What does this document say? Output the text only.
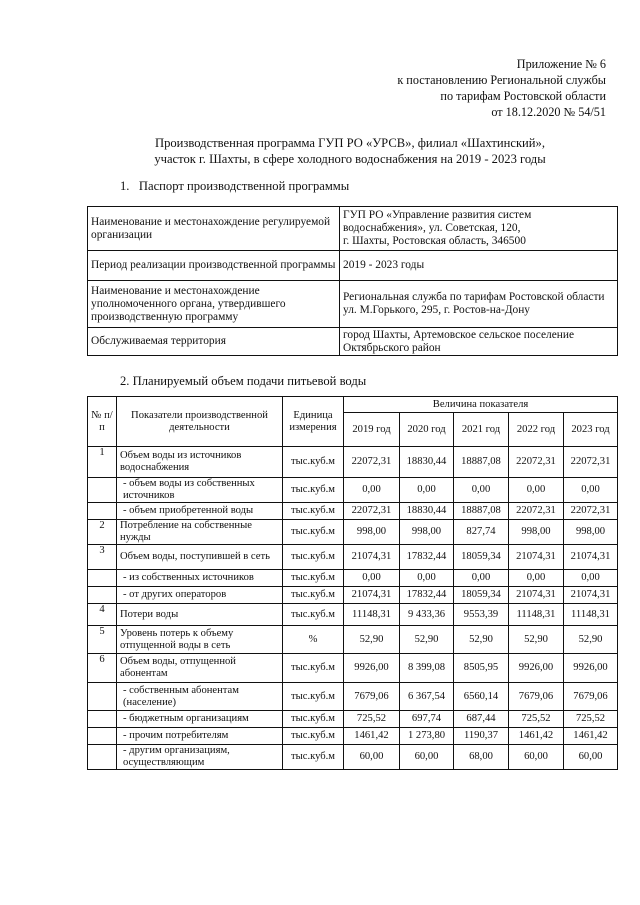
Приложение № 6
к постановлению Региональной службы
по тарифам Ростовской области
от 18.12.2020 № 54/51
Производственная программа ГУП РО «УРСВ», филиал «Шахтинский»,
участок г. Шахты, в сфере холодного водоснабжения на 2019 - 2023 годы
1.   Паспорт производственной программы
Наименование и местонахождение регулируемой организации	ГУП РО «Управление развития систем водоснабжения», ул. Советская, 120,
г. Шахты, Ростовская область, 346500

Период реализации производственной программы	2019 - 2023 годы
Наименование и местонахождение уполномоченного органа, утвердившего производственную программу	Региональная служба по тарифам Ростовской области
ул. М.Горького, 295, г. Ростов-на-Дону

Обслуживаемая территория	город Шахты, Артемовское сельское поселение Октябрьского район
2. Планируемый объем подачи питьевой воды
№ п/п	Показатели производственной деятельности	Единица измерения	Величина показателя				
			2019 год	2020 год	2021 год	2022 год	2023 год
1	Объем воды из источников водоснабжения	тыс.куб.м	22072,31	18830,44	18887,08	22072,31	22072,31
	- объем воды из собственных источников	тыс.куб.м	0,00	0,00	0,00	0,00	0,00
	- объем приобретенной воды	тыс.куб.м	22072,31	18830,44	18887,08	22072,31	22072,31
2	Потребление на собственные нужды	тыс.куб.м	998,00	998,00	827,74	998,00	998,00
3	Объем воды, поступившей в сеть	тыс.куб.м	21074,31	17832,44	18059,34	21074,31	21074,31
	- из собственных источников	тыс.куб.м	0,00	0,00	0,00	0,00	0,00
	- от других операторов	тыс.куб.м	21074,31	17832,44	18059,34	21074,31	21074,31
4	Потери воды	тыс.куб.м	11148,31	9 433,36	9553,39	11148,31	11148,31
5	Уровень потерь к объему отпущенной воды в сеть	%	52,90	52,90	52,90	52,90	52,90
6	Объем воды, отпущенной абонентам	тыс.куб.м	9926,00	8 399,08	8505,95	9926,00	9926,00
	- собственным абонентам (население)	тыс.куб.м	7679,06	6 367,54	6560,14	7679,06	7679,06
	- бюджетным организациям	тыс.куб.м	725,52	697,74	687,44	725,52	725,52
	- прочим потребителям	тыс.куб.м	1461,42	1 273,80	1190,37	1461,42	1461,42
	- другим организациям, осуществляющим	тыс.куб.м	60,00	60,00	68,00	60,00	60,00
